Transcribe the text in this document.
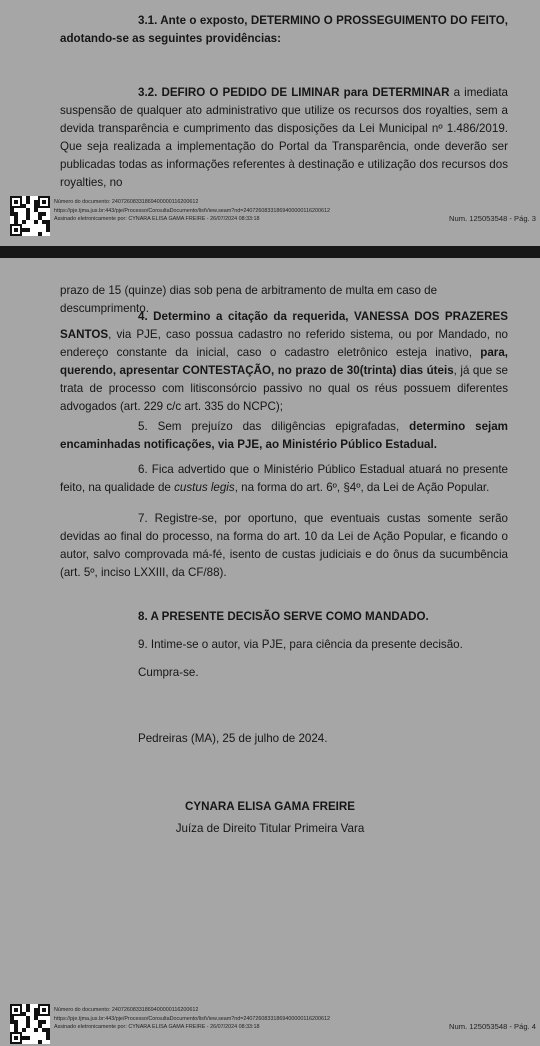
3.1. Ante o exposto, DETERMINO O PROSSEGUIMENTO DO FEITO, adotando-se as seguintes providências:
3.2. DEFIRO O PEDIDO DE LIMINAR para DETERMINAR a imediata suspensão de qualquer ato administrativo que utilize os recursos dos royalties, sem a devida transparência e cumprimento das disposições da Lei Municipal nº 1.486/2019. Que seja realizada a implementação do Portal da Transparência, onde deverão ser publicadas todas as informações referentes à destinação e utilização dos recursos dos royalties, no
Número do documento: 24072608331869400000116200612
https://pje.tjma.jus.br:443/pje/Processo/ConsultaDocumento/listView.seam?nd=24072608331869400000116200612
Assinado eletronicamente por: CYNARA ELISA GAMA FREIRE - 26/07/2024 08:33:18	Num. 125053548 - Pág. 3
prazo de 15 (quinze) dias sob pena de arbitramento de multa em caso de descumprimento.
4. Determino a citação da requerida, VANESSA DOS PRAZERES SANTOS, via PJE, caso possua cadastro no referido sistema, ou por Mandado, no endereço constante da inicial, caso o cadastro eletrônico esteja inativo, para, querendo, apresentar CONTESTAÇÃO, no prazo de 30(trinta) dias úteis, já que se trata de processo com litisconsórcio passivo no qual os réus possuem diferentes advogados (art. 229 c/c art. 335 do NCPC);
5. Sem prejuízo das diligências epigrafadas, determino sejam encaminhadas notificações, via PJE, ao Ministério Público Estadual.
6. Fica advertido que o Ministério Público Estadual atuará no presente feito, na qualidade de custus legis, na forma do art. 6º, §4º, da Lei de Ação Popular.
7. Registre-se, por oportuno, que eventuais custas somente serão devidas ao final do processo, na forma do art. 10 da Lei de Ação Popular, e ficando o autor, salvo comprovada má-fé, isento de custas judiciais e do ônus da sucumbência (art. 5º, inciso LXXIII, da CF/88).
8. A PRESENTE DECISÃO SERVE COMO MANDADO.
9. Intime-se o autor, via PJE, para ciência da presente decisão.
Cumpra-se.
Pedreiras (MA), 25 de julho de 2024.
CYNARA ELISA GAMA FREIRE
Juíza de Direito Titular Primeira Vara
Número do documento: 24072608331869400000116200612
https://pje.tjma.jus.br:443/pje/Processo/ConsultaDocumento/listView.seam?nd=24072608331869400000116200612
Assinado eletronicamente por: CYNARA ELISA GAMA FREIRE - 26/07/2024 08:33:18	Num. 125053548 - Pág. 4
